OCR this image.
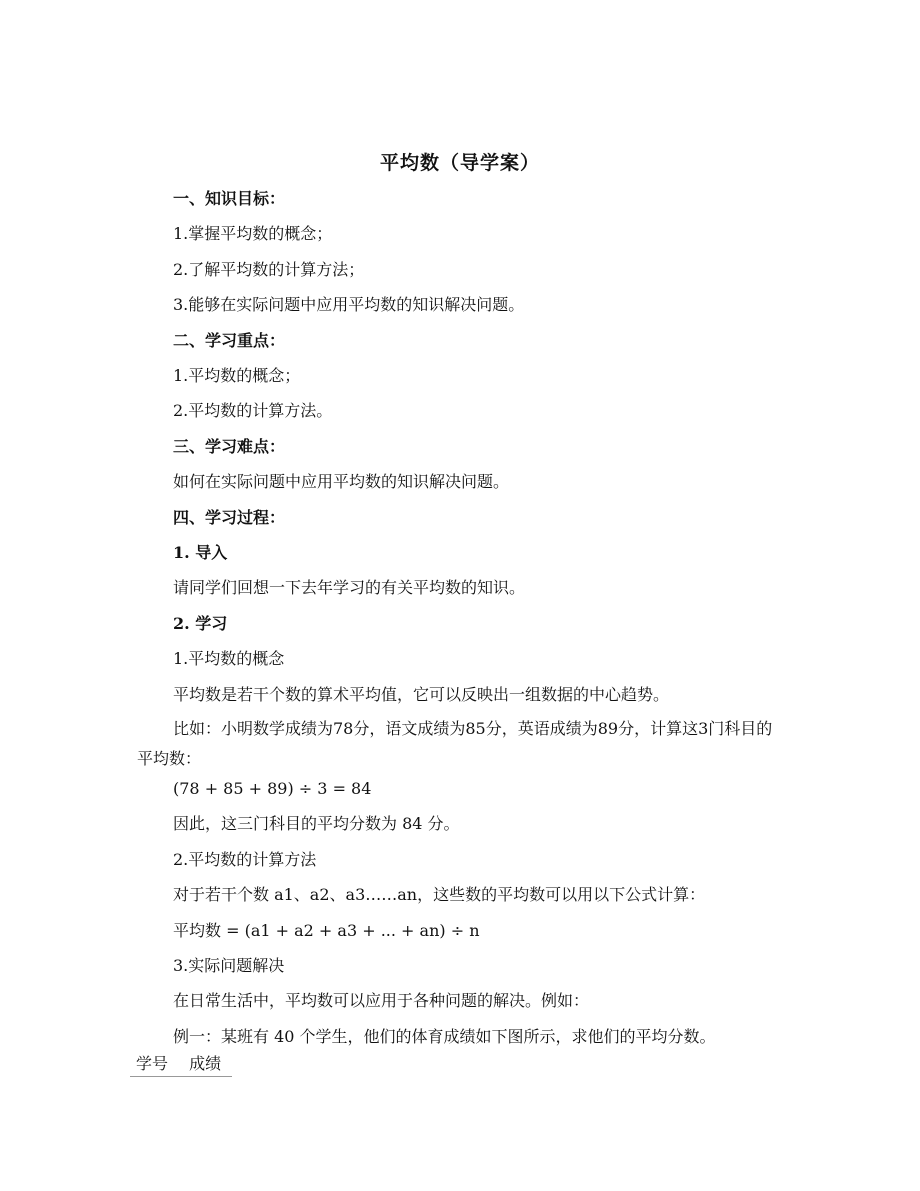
平均数（导学案）
一、知识目标：
1.掌握平均数的概念；
2.了解平均数的计算方法；
3.能够在实际问题中应用平均数的知识解决问题。
二、学习重点：
1.平均数的概念；
2.平均数的计算方法。
三、学习难点：
如何在实际问题中应用平均数的知识解决问题。
四、学习过程：
1. 导入
请同学们回想一下去年学习的有关平均数的知识。
2. 学习
1.平均数的概念
平均数是若干个数的算术平均值，它可以反映出一组数据的中心趋势。
比如：小明数学成绩为78分，语文成绩为85分，英语成绩为89分，计算这3门科目的平均数：
(78 + 85 + 89) ÷ 3 = 84
因此，这三门科目的平均分数为 84 分。
2.平均数的计算方法
对于若干个数 a1、a2、a3……an，这些数的平均数可以用以下公式计算：
平均数 = (a1 + a2 + a3 + ... + an) ÷ n
3.实际问题解决
在日常生活中，平均数可以应用于各种问题的解决。例如：
例一：某班有 40 个学生，他们的体育成绩如下图所示，求他们的平均分数。
学号 成绩
